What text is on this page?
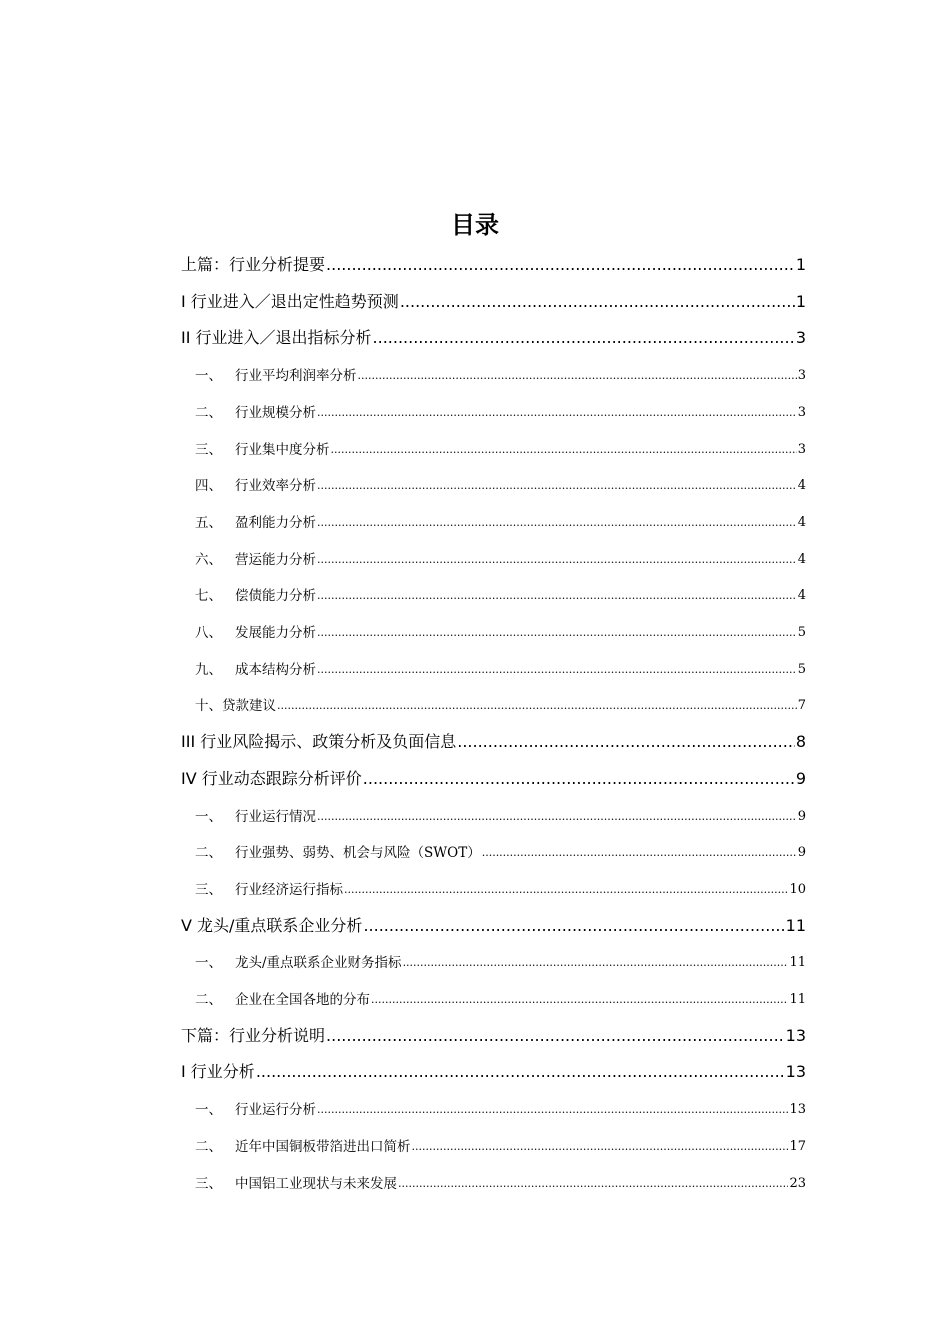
目录
上篇：行业分析提要 .....	1
I 行业进入／退出定性趋势预测 .....	1
II 行业进入／退出指标分析 .....	3
一、 行业平均利润率分析 .....	3
二、 行业规模分析 .....	3
三、 行业集中度分析 .....	3
四、 行业效率分析 .....	4
五、 盈利能力分析 .....	4
六、 营运能力分析 .....	4
七、 偿债能力分析 .....	4
八、 发展能力分析 .....	5
九、 成本结构分析 .....	5
十、 贷款建议 .....	7
III 行业风险揭示、政策分析及负面信息 .....	8
IV 行业动态跟踪分析评价 .....	9
一、 行业运行情况 .....	9
二、 行业强势、弱势、机会与风险（SWOT） .....	9
三、 行业经济运行指标 .....	10
V 龙头/重点联系企业分析 .....	11
一、 龙头/重点联系企业财务指标 .....	11
二、 企业在全国各地的分布 .....	11
下篇：行业分析说明 .....	13
I 行业分析 .....	13
一、 行业运行分析 .....	13
二、 近年中国铜板带箔进出口简析 .....	17
三、 中国铝工业现状与未来发展 .....	23
